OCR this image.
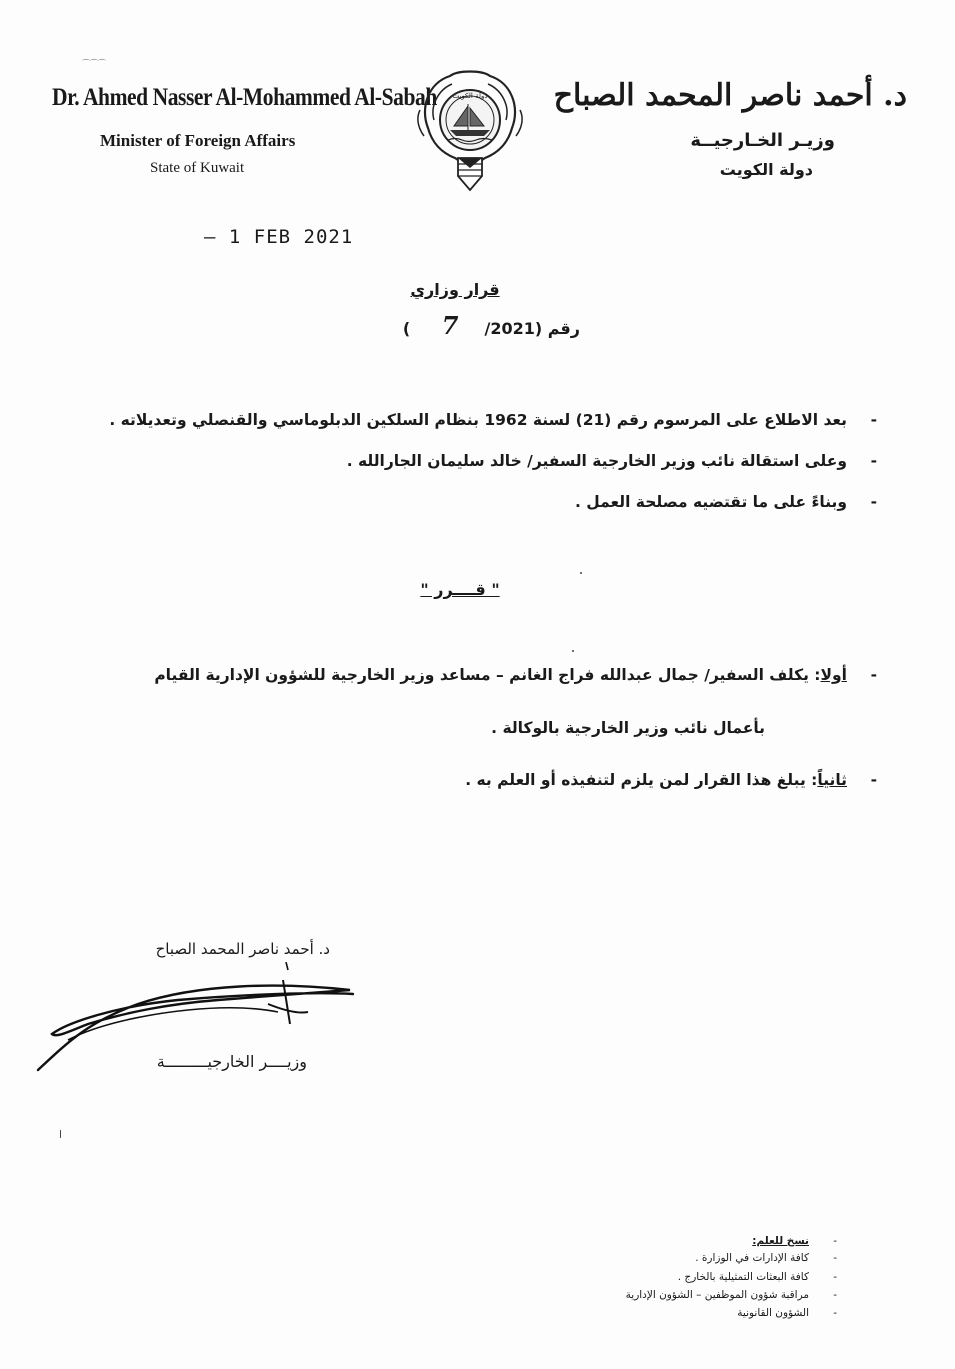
⌒⌒⌒
Dr. Ahmed Nasser Al-Mohammed Al-Sabah
Minister of Foreign Affairs
State of Kuwait
دولة الكويت د. أحمد ناصر المحمد الصباح
وزيـر الخـارجيــة
دولة الكويت
– 1 FEB 2021
قرار وزاري
رقم (7/2021 )
-
بعد الاطلاع على المرسوم رقم (21) لسنة 1962 بنظام السلكين الدبلوماسي والقنصلي وتعديلاته .
-
وعلى استقالة نائب وزير الخارجية السفير/ خالد سليمان الجارالله .
-
وبناءً على ما تقتضيه مصلحة العمل .
" قــــرر "
-
أولا: يكلف السفير/ جمال عبدالله فراج الغانم – مساعد وزير الخارجية للشؤون الإدارية القيام
بأعمال نائب وزير الخارجية بالوكالة .
-
ثانياً: يبلغ هذا القرار لمن يلزم لتنفيذه أو العلم به .
د. أحمد ناصر المحمد الصباح
وزيــــر الخارجيـــــــــة
نسخ للعلم:
كافة الإدارات في الوزارة .
كافة البعثات التمثيلية بالخارج .
مراقبة شؤون الموظفين – الشؤون الإدارية
الشؤون القانونية
-
-
-
-
-
